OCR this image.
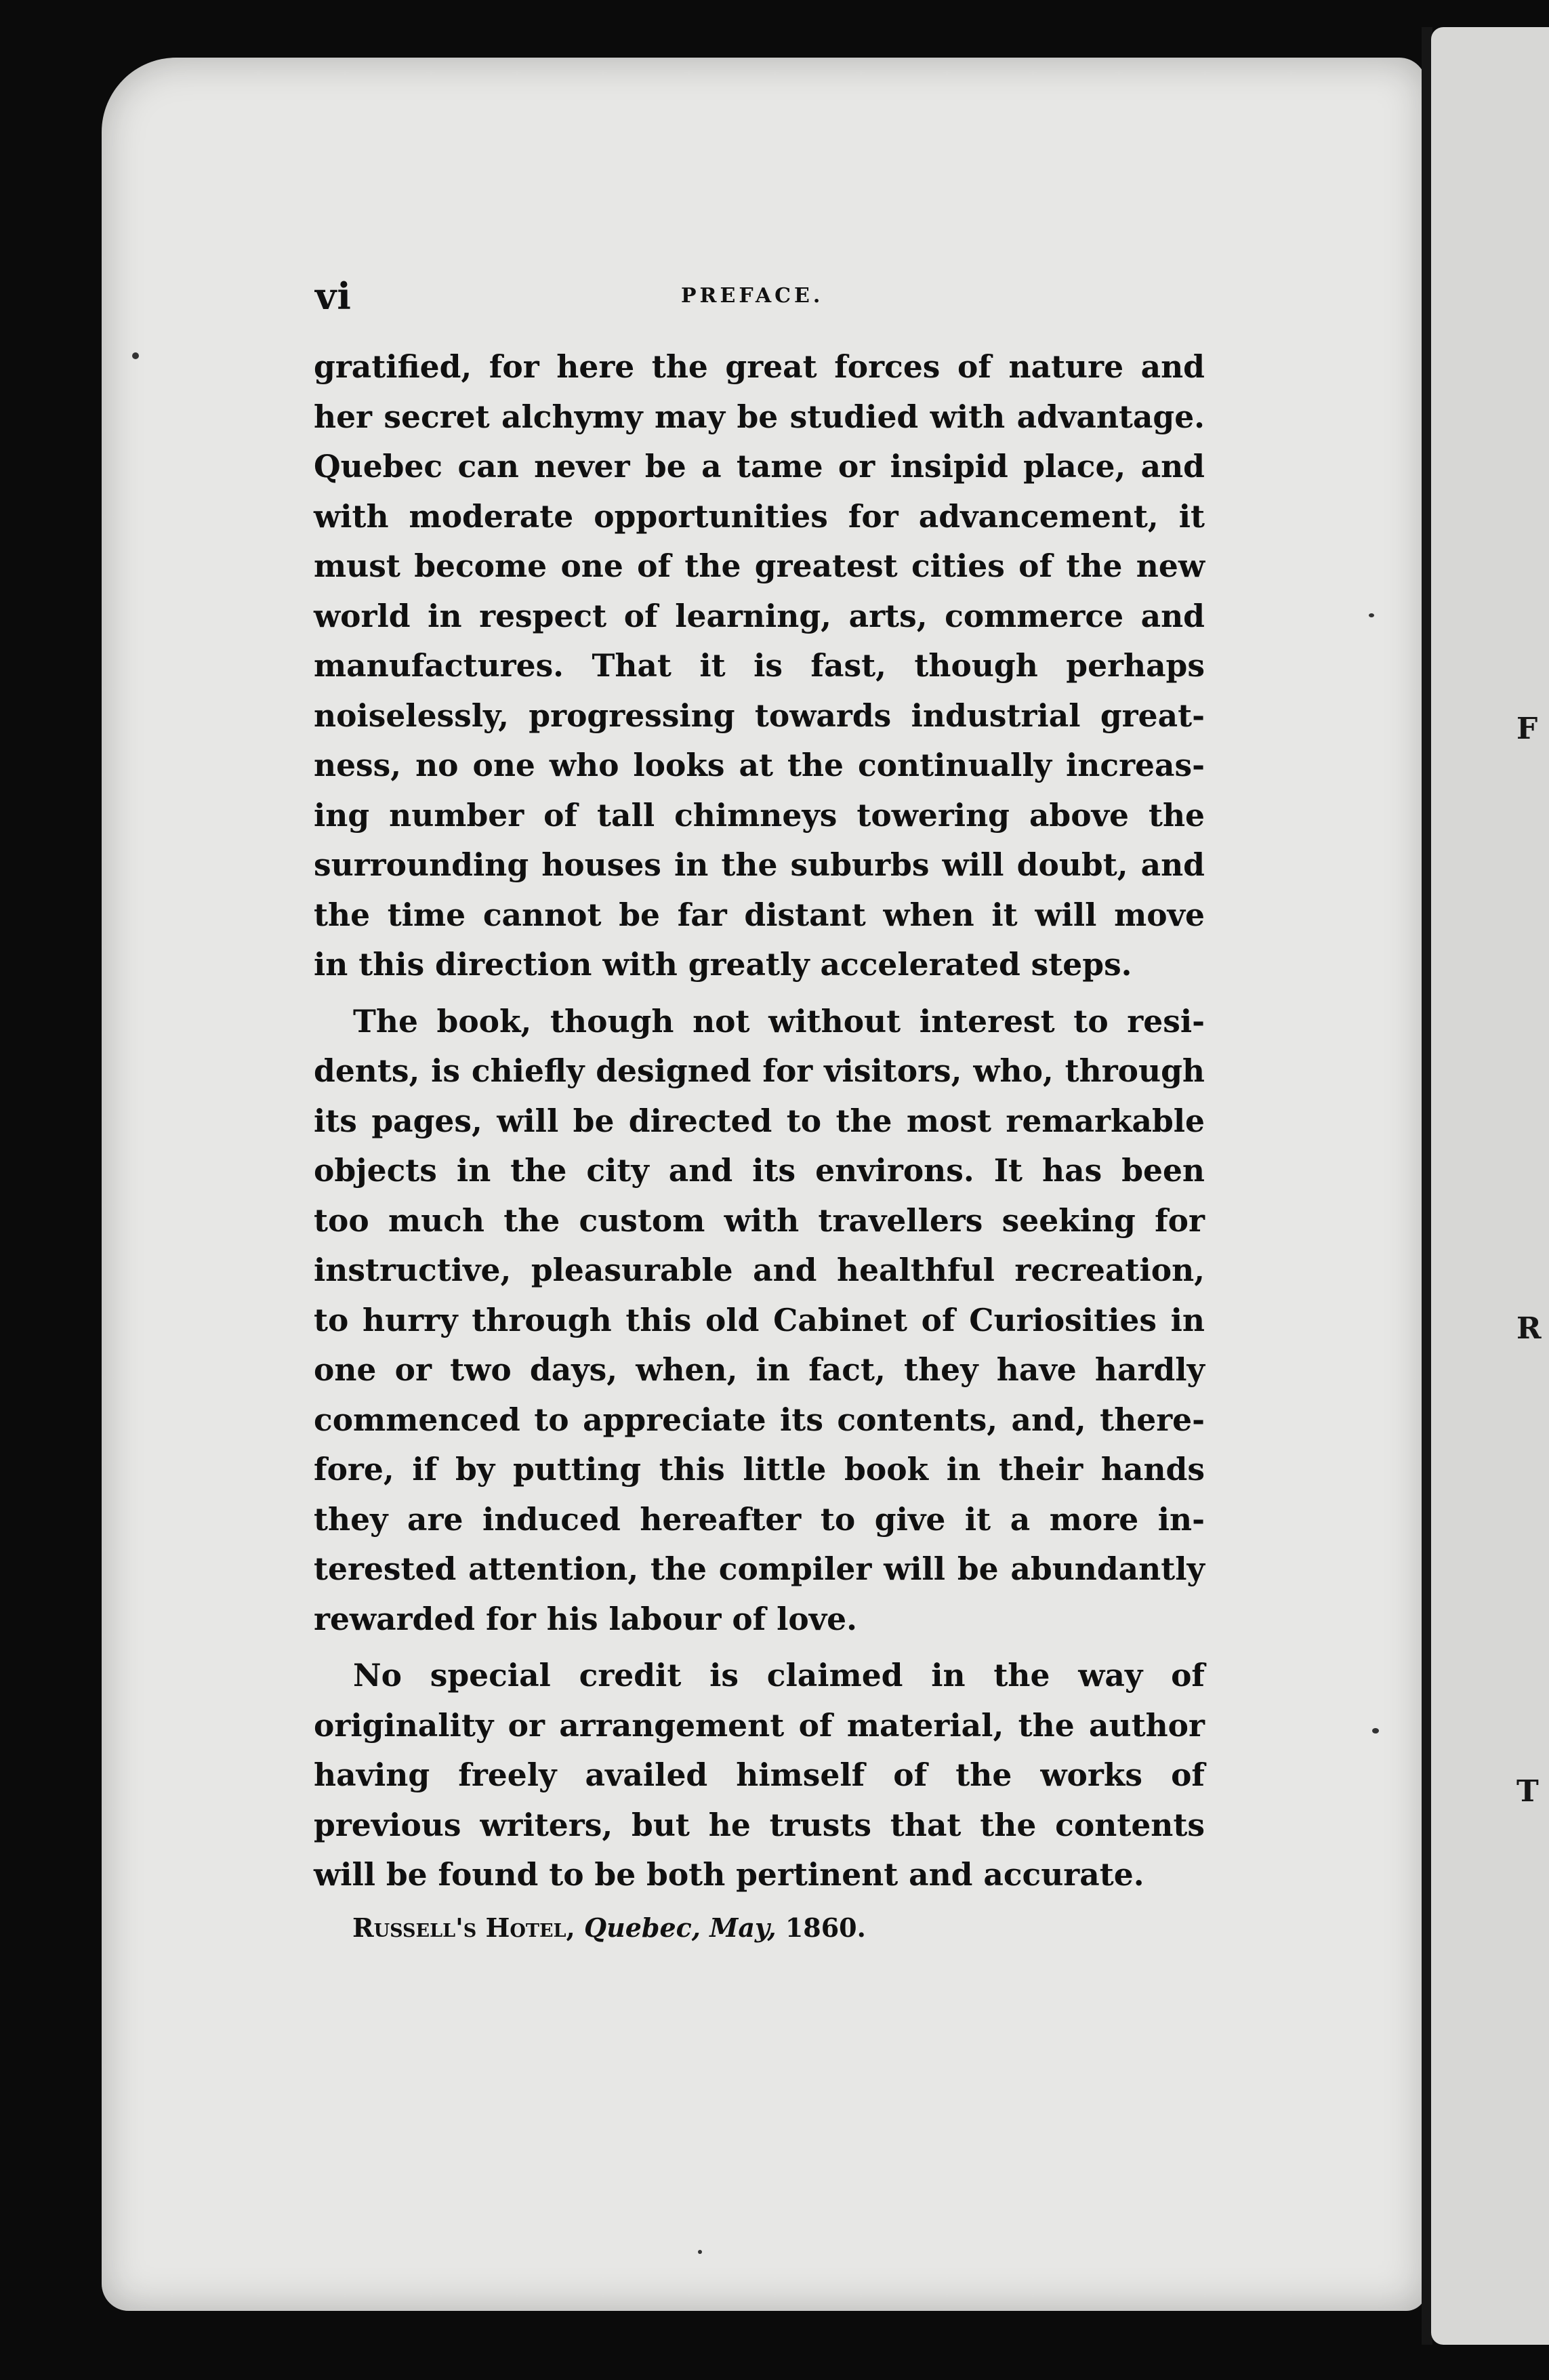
F
R
T
vi	PREFACE.
gratified, for here the great forces of nature and
her secret alchymy may be studied with advantage.
Quebec can never be a tame or insipid place, and
with moderate opportunities for advancement, it
must become one of the greatest cities of the new
world in respect of learning, arts, commerce and
manufactures. That it is fast, though perhaps
noiselessly, progressing towards industrial great-
ness, no one who looks at the continually increas-
ing number of tall chimneys towering above the
surrounding houses in the suburbs will doubt, and
the time cannot be far distant when it will move
in this direction with greatly accelerated steps.
The book, though not without interest to resi-
dents, is chiefly designed for visitors, who, through
its pages, will be directed to the most remarkable
objects in the city and its environs. It has been
too much the custom with travellers seeking for
instructive, pleasurable and healthful recreation,
to hurry through this old Cabinet of Curiosities in
one or two days, when, in fact, they have hardly
commenced to appreciate its contents, and, there-
fore, if by putting this little book in their hands
they are induced hereafter to give it a more in-
terested attention, the compiler will be abundantly
rewarded for his labour of love.
No special credit is claimed in the way of
originality or arrangement of material, the author
having freely availed himself of the works of
previous writers, but he trusts that the contents
will be found to be both pertinent and accurate.
Russell's Hotel, Quebec, May, 1860.
